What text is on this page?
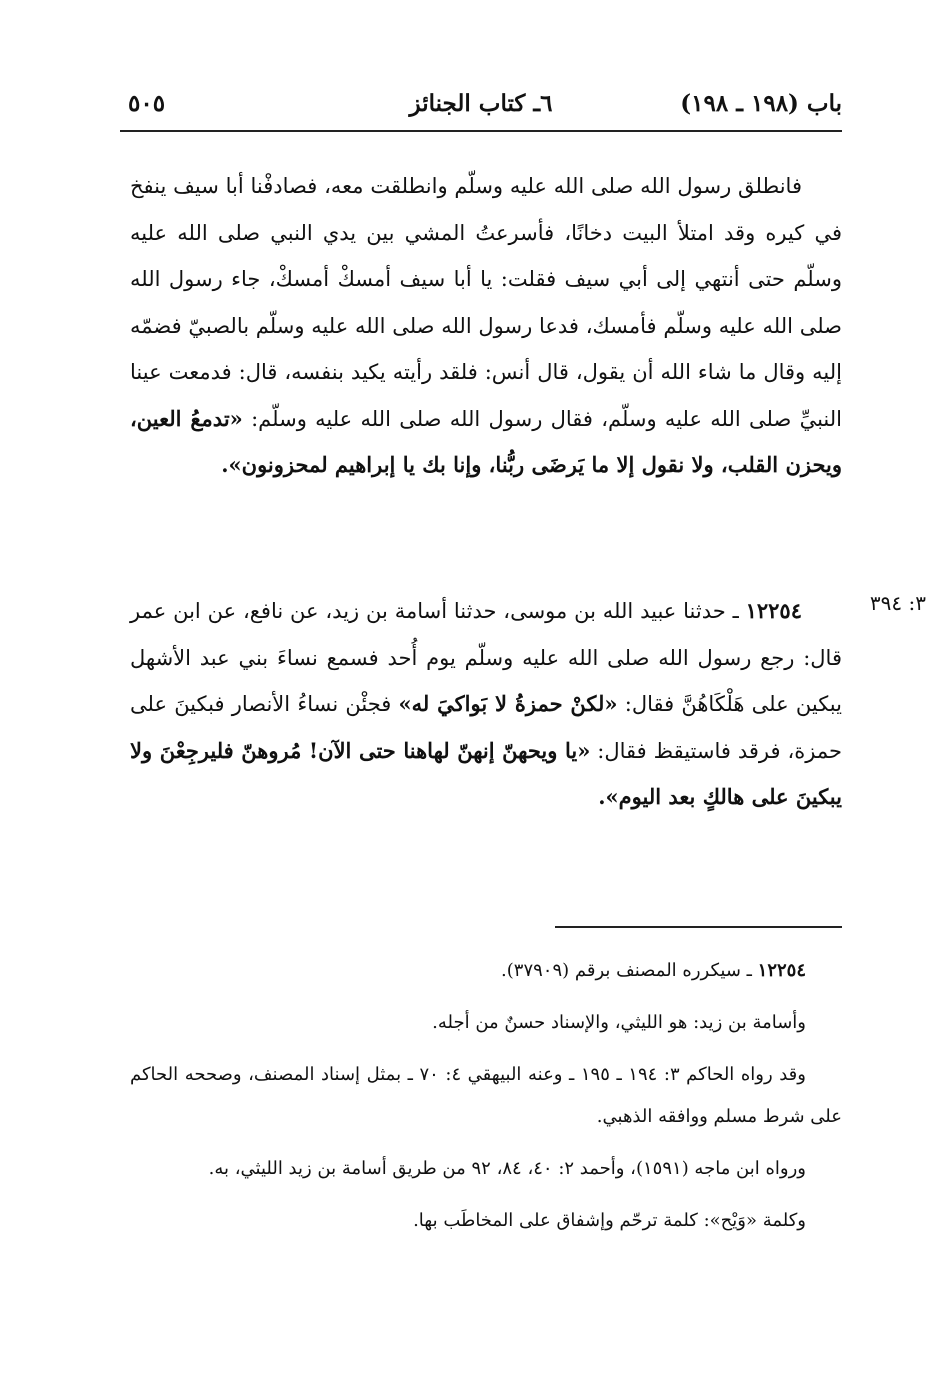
باب (١٩٨ ـ ١٩٨)
٦ـ كتاب الجنائز
٥٠٥
فانطلق رسول الله صلى الله عليه وسلّم وانطلقت معه، فصادفْنا أبا سيف ينفخ في كيره وقد امتلأ البيت دخانًا، فأسرعتُ المشي بين يدي النبي صلى الله عليه وسلّم حتى أنتهي إلى أبي سيف فقلت: يا أبا سيف أمسكْ أمسكْ، جاء رسول الله صلى الله عليه وسلّم فأمسك، فدعا رسول الله صلى الله عليه وسلّم بالصبيّ فضمّه إليه وقال ما شاء الله أن يقول، قال أنس: فلقد رأيته يكيد بنفسه، قال: فدمعت عينا النبيِّ صلى الله عليه وسلّم، فقال رسول الله صلى الله عليه وسلّم: «تدمعُ العين، ويحزن القلب، ولا نقول إلا ما يَرضَى ربُّنا، وإنا بك يا إبراهيم لمحزونون».
٣: ٣٩٤
١٢٢٥٤ ـ حدثنا عبيد الله بن موسى، حدثنا أسامة بن زيد، عن نافع، عن ابن عمر قال: رجع رسول الله صلى الله عليه وسلّم يوم أُحد فسمع نساءَ بني عبد الأشهل يبكين على هَلْكَاهُنَّ فقال: «لكنْ حمزةُ لا بَواكيَ له» فجئْن نساءُ الأنصار فبكينَ على حمزة، فرقد فاستيقظ فقال: «يا ويحهنّ إنهنّ لهاهنا حتى الآن! مُروهنّ فليرجِعْنَ ولا يبكينَ على هالكٍ بعد اليوم».

١٢٢٥٤ ـ سيكرره المصنف برقم (٣٧٩٠٩).

وأسامة بن زيد: هو الليثي، والإسناد حسنٌ من أجله.

وقد رواه الحاكم ٣: ١٩٤ ـ ١٩٥ ـ وعنه البيهقي ٤: ٧٠ ـ بمثل إسناد المصنف، وصححه الحاكم على شرط مسلم ووافقه الذهبي.

ورواه ابن ماجه (١٥٩١)، وأحمد ٢: ٤٠، ٨٤، ٩٢ من طريق أسامة بن زيد الليثي، به.

وكلمة «وَيْح»: كلمة ترحّم وإشفاق على المخاطَب بها.
